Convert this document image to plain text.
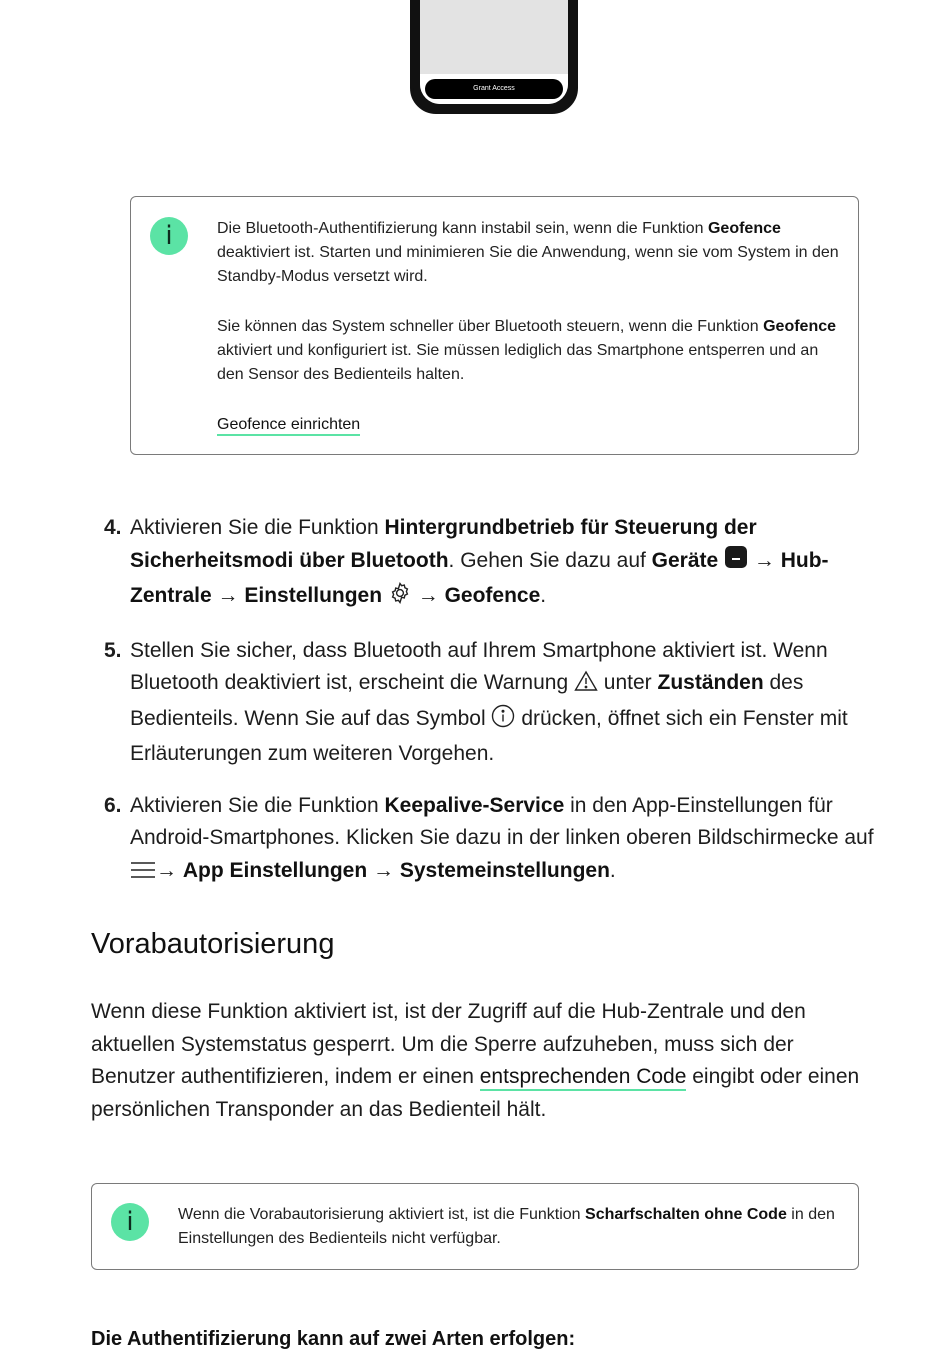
Grant Access
i	Die Bluetooth-Authentifizierung kann instabil sein, wenn die Funktion Geofence deaktiviert ist. Starten und minimieren Sie die Anwendung, wenn sie vom System in den Standby-Modus versetzt wird.

Sie können das System schneller über Bluetooth steuern, wenn die Funktion Geofence aktiviert und konfiguriert ist. Sie müssen lediglich das Smartphone entsperren und an den Sensor des Bedienteils halten.

Geofence einrichten

4. Aktivieren Sie die Funktion Hintergrundbetrieb für Steuerung der Sicherheitsmodi über Bluetooth. Gehen Sie dazu auf Geräte  → Hub-Zentrale → Einstellungen  → Geofence.
5. Stellen Sie sicher, dass Bluetooth auf Ihrem Smartphone aktiviert ist. Wenn Bluetooth deaktiviert ist, erscheint die Warnung  unter Zuständen des Bedienteils. Wenn Sie auf das Symbol  drücken, öffnet sich ein Fenster mit Erläuterungen zum weiteren Vorgehen.
6. Aktivieren Sie die Funktion Keepalive-Service in den App-Einstellungen für Android-Smartphones. Klicken Sie dazu in der linken oberen Bildschirmecke auf → App Einstellungen → Systemeinstellungen.
Vorabautorisierung

Wenn diese Funktion aktiviert ist, ist der Zugriff auf die Hub-Zentrale und den aktuellen Systemstatus gesperrt. Um die Sperre aufzuheben, muss sich der Benutzer authentifizieren, indem er einen entsprechenden Code eingibt oder einen persönlichen Transponder an das Bedienteil hält.

i	Wenn die Vorabautorisierung aktiviert ist, ist die Funktion Scharfschalten ohne Code in den Einstellungen des Bedienteils nicht verfügbar.

Die Authentifizierung kann auf zwei Arten erfolgen:
